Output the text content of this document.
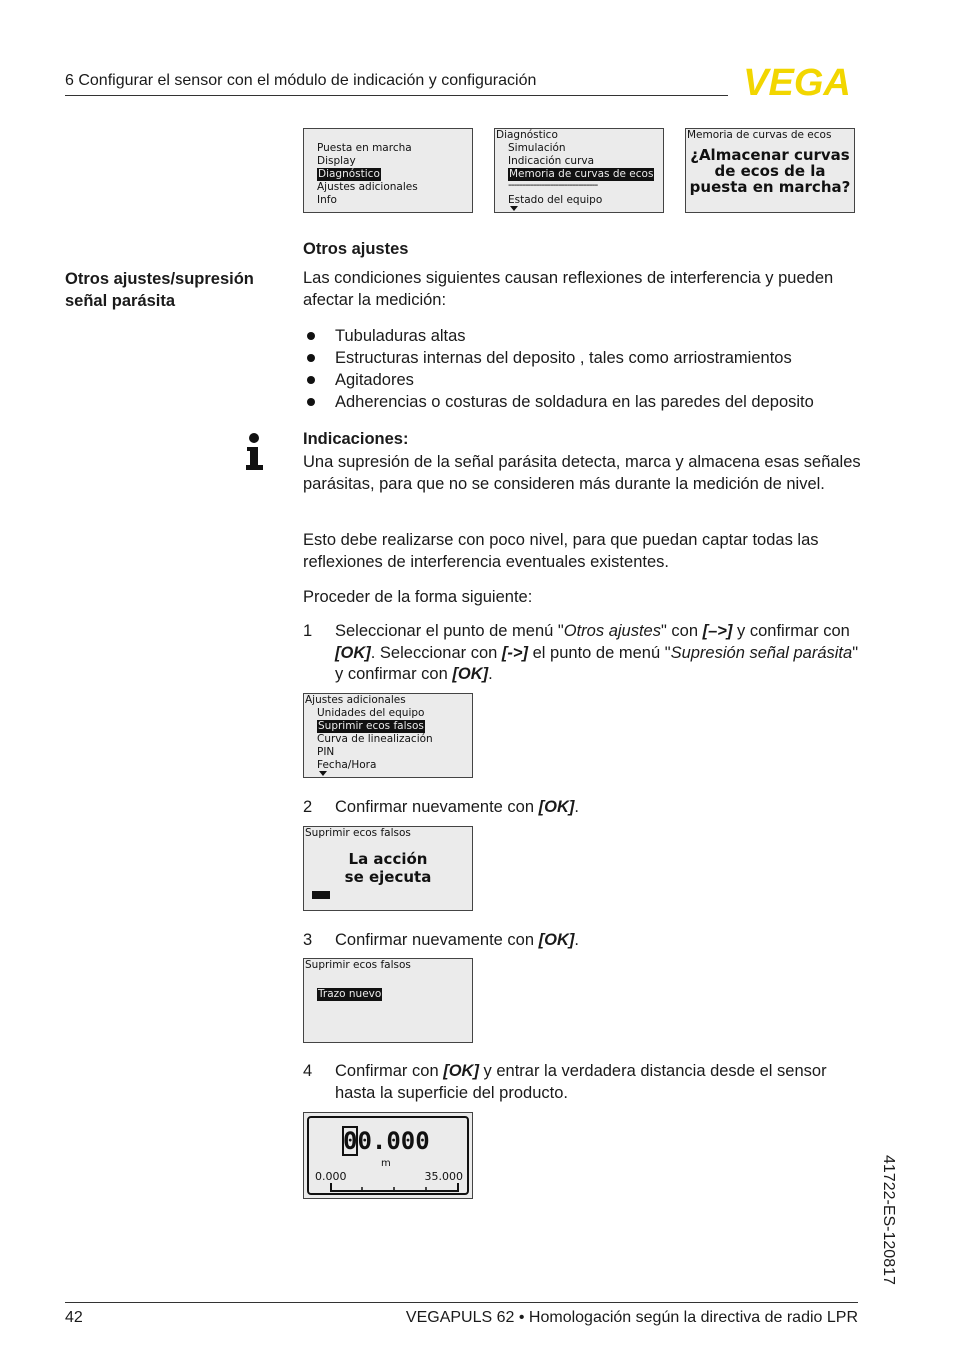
6 Configurar el sensor con el módulo de indicación y configuración	VEGA
Puesta en marcha
Display
Diagnóstico
Ajustes adicionales
Info
Diagnóstico
Simulación
Indicación curva
Memoria de curvas de ecos
--------------------------------
Estado del equipo
Memoria de curvas de ecos
¿Almacenar curvas
de ecos de la
puesta en marcha?
Otros ajustes
Otros ajustes/supresión señal parásita
Las condiciones siguientes causan reflexiones de interferencia y pueden afectar la medición:
Tubuladuras altas
Estructuras internas del deposito , tales como arriostramientos
Agitadores
Adherencias o costuras de soldadura en las paredes del deposito
Indicaciones:
Una supresión de la señal parásita detecta, marca y almacena esas señales parásitas, para que no se consideren más durante la medición de nivel.
Esto debe realizarse con poco nivel, para que puedan captar todas las reflexiones de interferencia eventuales existentes.
Proceder de la forma siguiente:
1 Seleccionar el punto de menú "Otros ajustes" con [–>] y confirmar con [OK]. Seleccionar con [->] el punto de menú "Supresión señal parásita" y confirmar con [OK].
Ajustes adicionales
Unidades del equipo
Suprimir ecos falsos
Curva de linealización
PIN
Fecha/Hora
2 Confirmar nuevamente con [OK].
Suprimir ecos falsos
La acción
se ejecuta
3 Confirmar nuevamente con [OK].
Suprimir ecos falsos
Trazo nuevo
4 Confirmar con [OK] y entrar la verdadera distancia desde el sensor hasta la superficie del producto.
00.000
m
0.000	35.000	41722-ES-120817
42	VEGAPULS 62 • Homologación según la directiva de radio LPR
